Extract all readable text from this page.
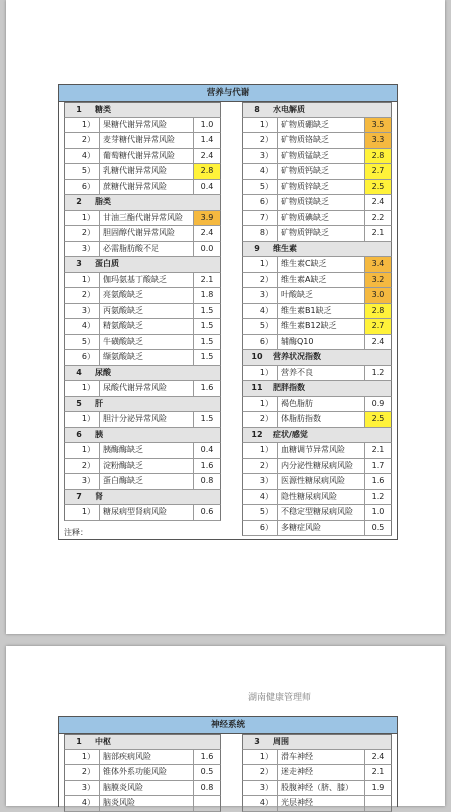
营养与代谢
1	糖类
1）	果糖代谢异常风险	1.0
2）	麦芽糖代谢异常风险	1.4
4）	葡萄糖代谢异常风险	2.4
5）	乳糖代谢异常风险	2.8
6）	蔗糖代谢异常风险	0.4
2	脂类
1）	甘油三酯代谢异常风险	3.9
2）	胆固醇代谢异常风险	2.4
3）	必需脂肪酸不足	0.0
3	蛋白质
1）	伽玛氨基丁酸缺乏	2.1
2）	亮氨酸缺乏	1.8
3）	丙氨酸缺乏	1.5
4）	精氨酸缺乏	1.5
5）	牛磺酸缺乏	1.5
6）	缬氨酸缺乏	1.5
4	尿酸
1）	尿酸代谢异常风险	1.6
5	肝
1）	胆汁分泌异常风险	1.5
6	胰
1）	胰酶酶缺乏	0.4
2）	淀粉酶缺乏	1.6
3）	蛋白酶缺乏	0.8
7	肾
1）	糖尿病型肾病风险	0.6
8	水电解质
1）	矿物质硼缺乏	3.5
2）	矿物质铬缺乏	3.3
3）	矿物质锰缺乏	2.8
4）	矿物质钙缺乏	2.7
5）	矿物质锌缺乏	2.5
6）	矿物质镁缺乏	2.4
7）	矿物质碘缺乏	2.2
8）	矿物质钾缺乏	2.1
9	维生素
1）	维生素C缺乏	3.4
2）	维生素A缺乏	3.2
3）	叶酸缺乏	3.0
4）	维生素B1缺乏	2.8
5）	维生素B12缺乏	2.7
6）	辅酶Q10	2.4
10	营养状况指数
1）	营养不良	1.2
11	肥胖指数
1）	褐色脂肪	0.9
2）	体脂肪指数	2.5
12	症状/感觉
1）	血糖调节异常风险	2.1
2）	内分泌性糖尿病风险	1.7
3）	医源性糖尿病风险	1.6
4）	隐性糖尿病风险	1.2
5）	不稳定型糖尿病风险	1.0
6）	多糖症风险	0.5
注释：
神经系统
1	中枢
1）	脑部疾病风险	1.6
2）	锥体外系功能风险	0.5
3）	脑膜炎风险	0.8
4）	脑炎风险
3	周围
1）	滑车神经	2.4
2）	迷走神经	2.1
3）	股腹神经（脐、膝）	1.9
4）	光层神经
湖南健康管理师
